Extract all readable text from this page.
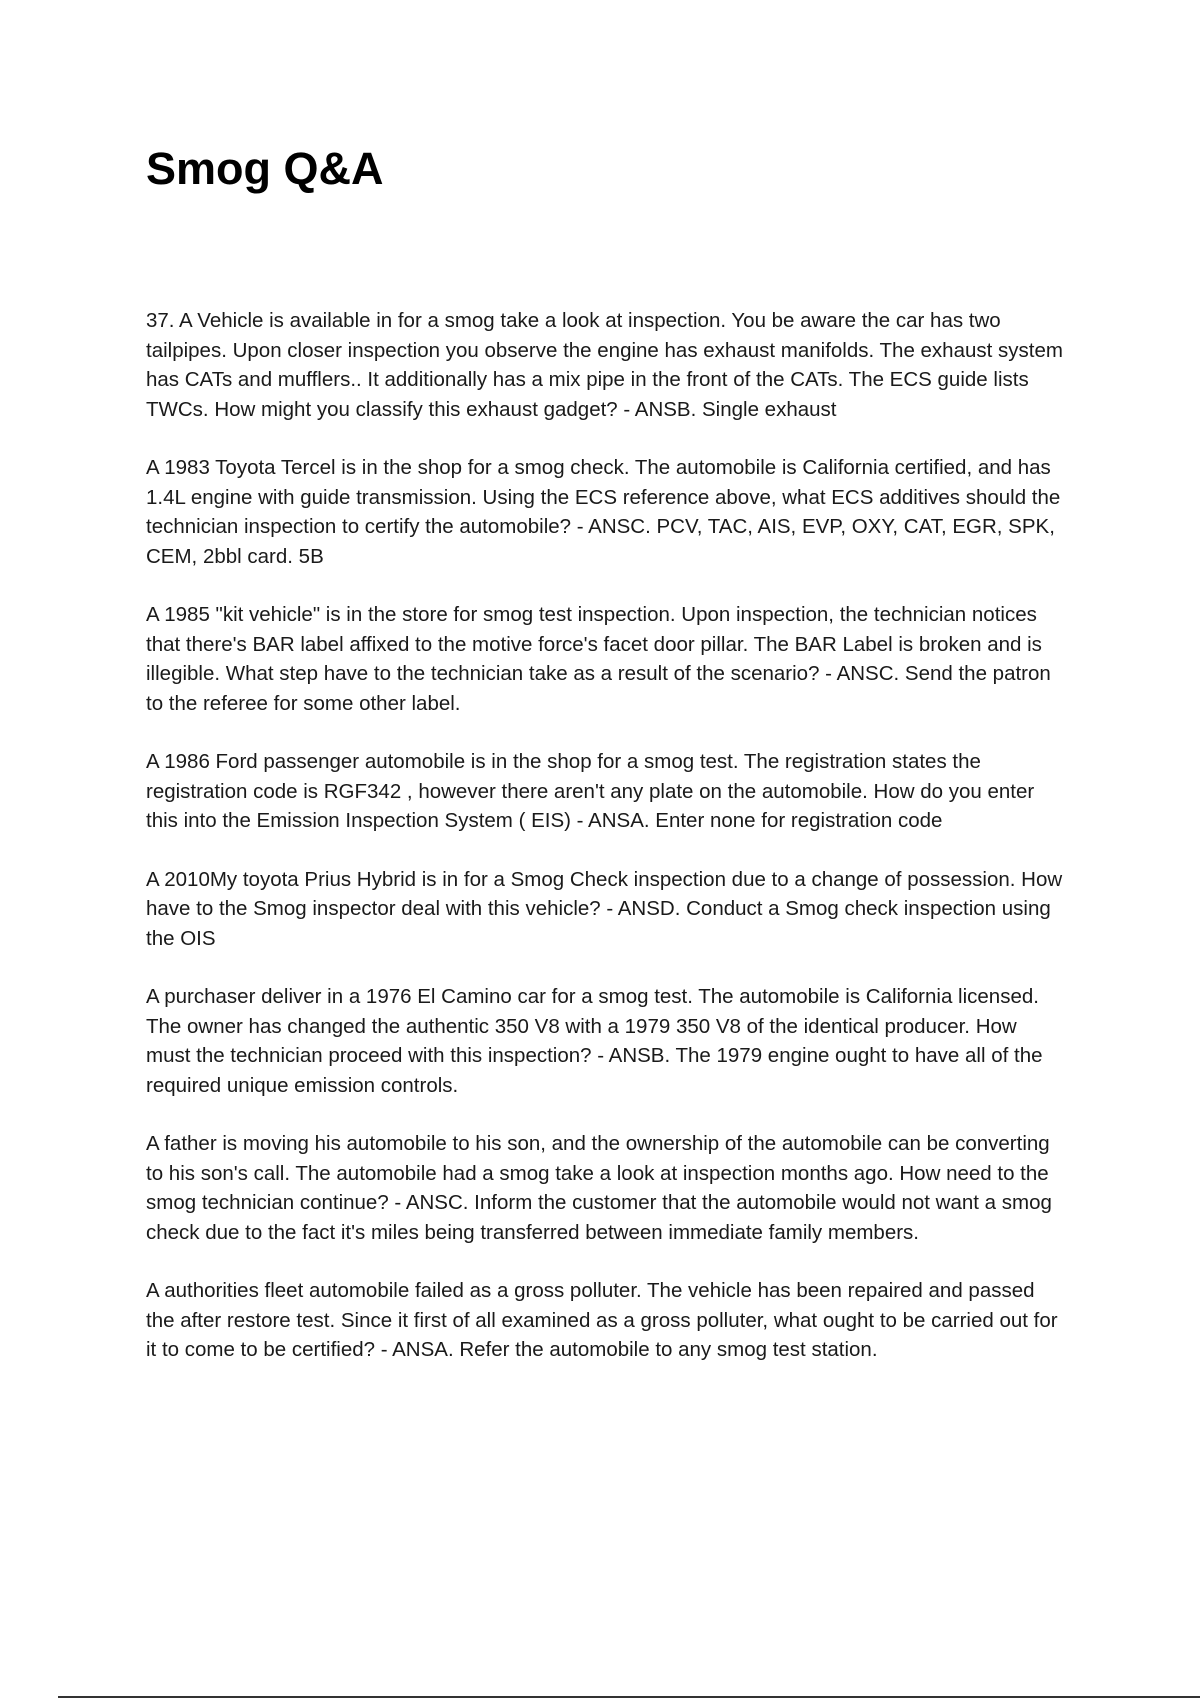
Smog Q&A

37. A Vehicle is available in for a smog take a look at inspection. You be aware the car has two tailpipes. Upon closer inspection you observe the engine has exhaust manifolds. The exhaust system has CATs and mufflers.. It additionally has a mix pipe in the front of the CATs. The ECS guide lists TWCs. How might you classify this exhaust gadget? - ANSB. Single exhaust

A 1983 Toyota Tercel is in the shop for a smog check. The automobile is California certified, and has 1.4L engine with guide transmission. Using the ECS reference above, what ECS additives should the technician inspection to certify the automobile? - ANSC. PCV, TAC, AIS, EVP, OXY, CAT, EGR, SPK, CEM, 2bbl card. 5B

A 1985 "kit vehicle" is in the store for smog test inspection. Upon inspection, the technician notices that there's BAR label affixed to the motive force's facet door pillar. The BAR Label is broken and is illegible. What step have to the technician take as a result of the scenario? - ANSC. Send the patron to the referee for some other label.

A 1986 Ford passenger automobile is in the shop for a smog test. The registration states the registration code is RGF342 , however there aren't any plate on the automobile. How do you enter this into the Emission Inspection System ( EIS) - ANSA. Enter none for registration code

A 2010My toyota Prius Hybrid is in for a Smog Check inspection due to a change of possession. How have to the Smog inspector deal with this vehicle? - ANSD. Conduct a Smog check inspection using the OIS

A purchaser deliver in a 1976 El Camino car for a smog test. The automobile is California licensed. The owner has changed the authentic 350 V8 with a 1979 350 V8 of the identical producer. How must the technician proceed with this inspection? - ANSB. The 1979 engine ought to have all of the required unique emission controls.

A father is moving his automobile to his son, and the ownership of the automobile can be converting to his son's call. The automobile had a smog take a look at inspection months ago. How need to the smog technician continue? - ANSC. Inform the customer that the automobile would not want a smog check due to the fact it's miles being transferred between immediate family members.

A authorities fleet automobile failed as a gross polluter. The vehicle has been repaired and passed the after restore test. Since it first of all examined as a gross polluter, what ought to be carried out for it to come to be certified? - ANSA. Refer the automobile to any smog test station.
